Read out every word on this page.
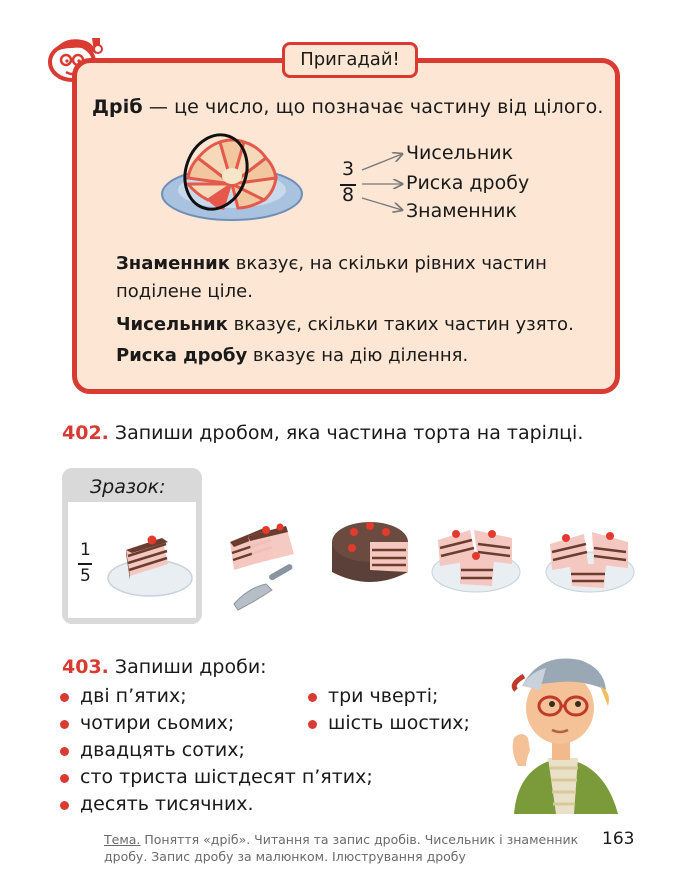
Пригадай!
Дріб — це число, що позначає частину від цілого.
3
8
Чисельник
Риска дробу
Знаменник

Знаменник вказує, на скільки рівних частин поділене ціле.

Чисельник вказує, скільки таких частин узято.

Риска дробу вказує на дію ділення.

402. Запиши дробом, яка частина торта на тарілці.
Зразок:
1
5
403. Запиши дроби:
дві п’ятих;
чотири сьомих;
двадцять сотих;
сто триста шістдесят п’ятих;
десять тисячних.
три чверті;
шість шостих;
Тема. Поняття «дріб». Читання та запис дробів. Чисельник і знаменник дробу. Запис дробу за малюнком. Ілюстрування дробу
163
